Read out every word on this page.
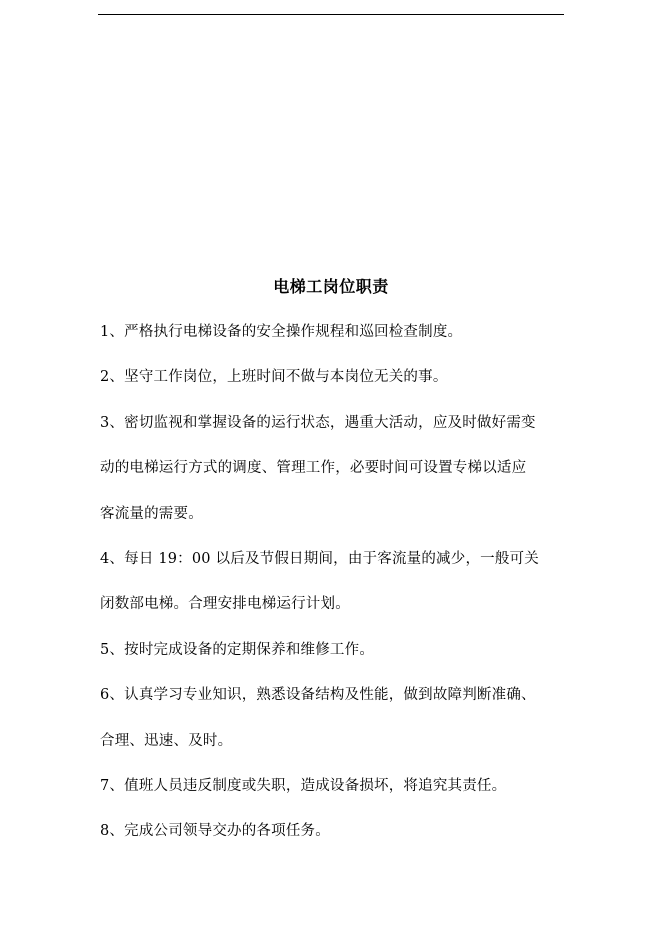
电梯工岗位职责
1、严格执行电梯设备的安全操作规程和巡回检查制度。
2、坚守工作岗位，上班时间不做与本岗位无关的事。
3、密切监视和掌握设备的运行状态，遇重大活动，应及时做好需变
动的电梯运行方式的调度、管理工作，必要时间可设置专梯以适应
客流量的需要。
4、每日 19：00 以后及节假日期间，由于客流量的减少，一般可关
闭数部电梯。合理安排电梯运行计划。
5、按时完成设备的定期保养和维修工作。
6、认真学习专业知识，熟悉设备结构及性能，做到故障判断准确、
合理、迅速、及时。
7、值班人员违反制度或失职，造成设备损坏，将追究其责任。
8、完成公司领导交办的各项任务。
